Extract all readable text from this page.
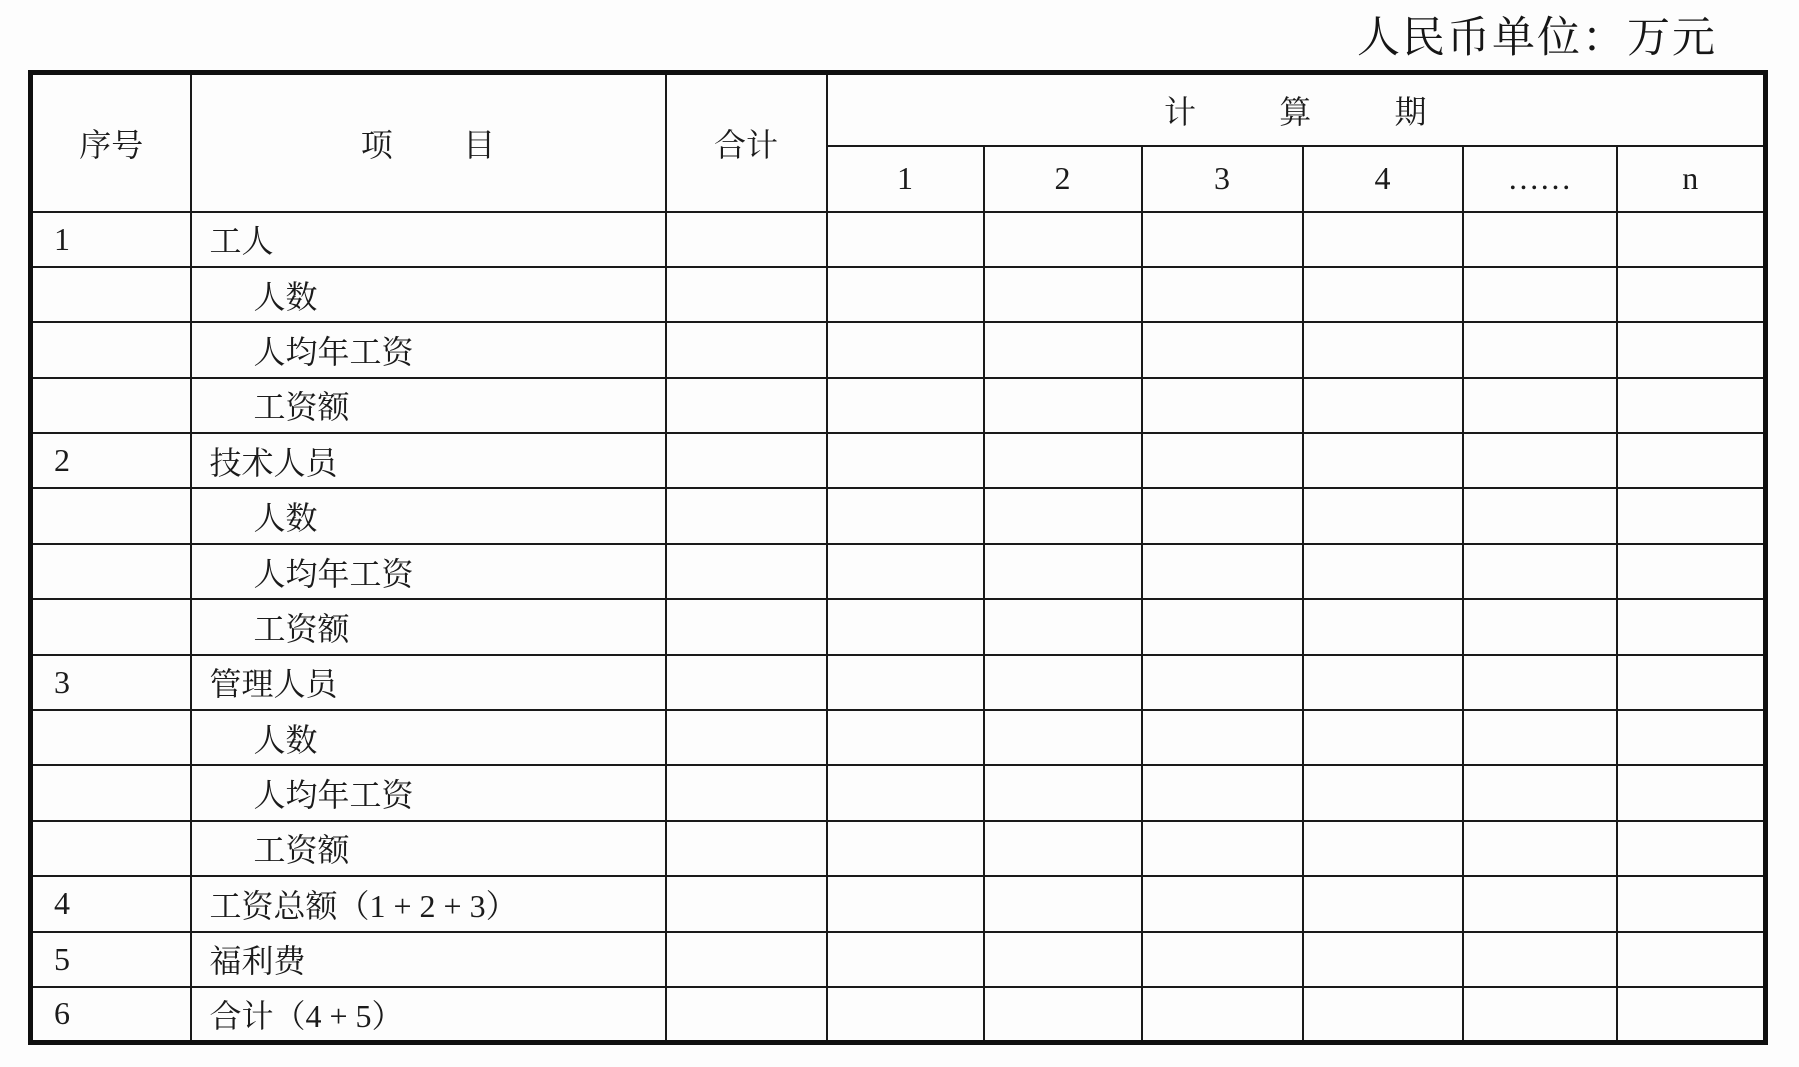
人民币单位：万元
序号	项目	合计	计算期					
			1	2	3	4	……	n
1	工人							
	人数							
	人均年工资							
	工资额							
2	技术人员							
	人数							
	人均年工资							
	工资额							
3	管理人员							
	人数							
	人均年工资							
	工资额							
4	工资总额（1 + 2 + 3）							
5	福利费							
6	合计（4 + 5）							
